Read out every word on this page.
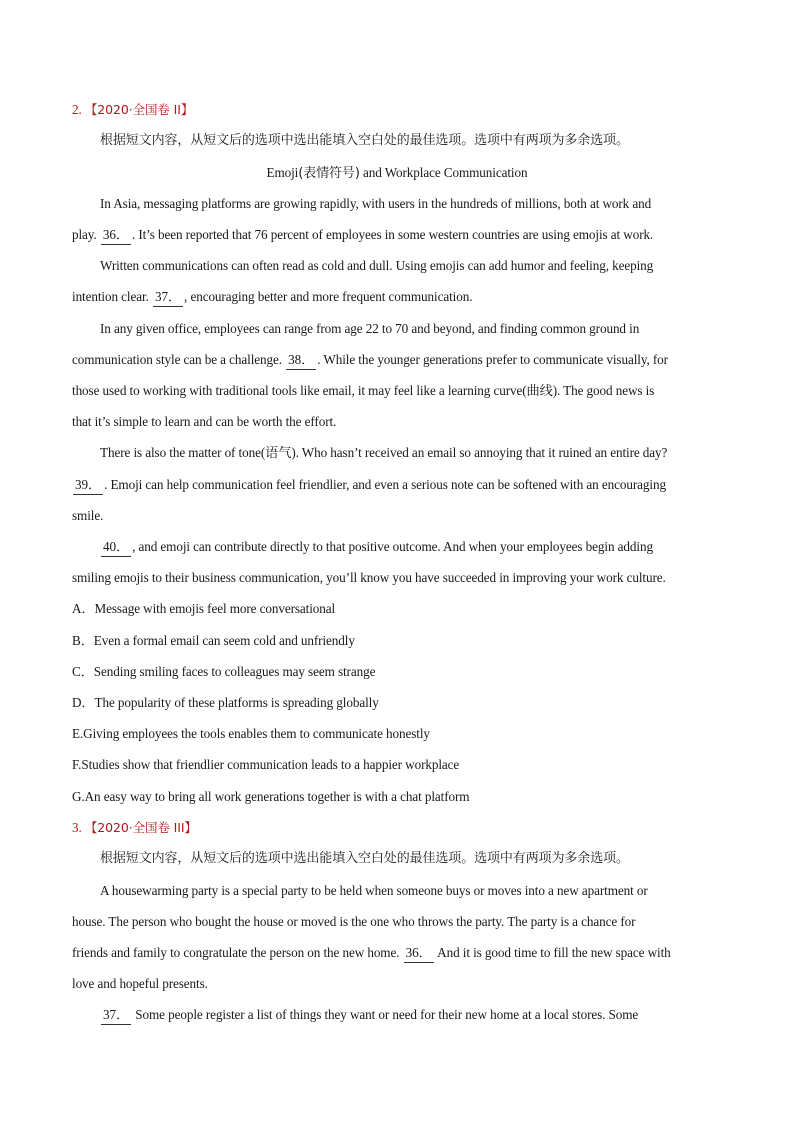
2. 【2020·全国卷 II】
根据短文内容，从短文后的选项中选出能填入空白处的最佳选项。选项中有两项为多余选项。
Emoji(表情符号) and Workplace Communication
In Asia, messaging platforms are growing rapidly, with users in the hundreds of millions, both at work and
play. 36． . It’s been reported that 76 percent of employees in some western countries are using emojis at work.
Written communications can often read as cold and dull. Using emojis can add humor and feeling, keeping
intention clear. 37． , encouraging better and more frequent communication.
In any given office, employees can range from age 22 to 70 and beyond, and finding common ground in
communication style can be a challenge. 38． . While the younger generations prefer to communicate visually, for
those used to working with traditional tools like email, it may feel like a learning curve(曲线). The good news is
that it’s simple to learn and can be worth the effort.
There is also the matter of tone(语气). Who hasn’t received an email so annoying that it ruined an entire day?
39． . Emoji can help communication feel friendlier, and even a serious note can be softened with an encouraging
smile.
40． , and emoji can contribute directly to that positive outcome. And when your employees begin adding
smiling emojis to their business communication, you’ll know you have succeeded in improving your work culture.
A．Message with emojis feel more conversational
B．Even a formal email can seem cold and unfriendly
C．Sending smiling faces to colleagues may seem strange
D．The popularity of these platforms is spreading globally
E.Giving employees the tools enables them to communicate honestly
F.Studies show that friendlier communication leads to a happier workplace
G.An easy way to bring all work generations together is with a chat platform
3. 【2020·全国卷 III】
根据短文内容，从短文后的选项中选出能填入空白处的最佳选项。选项中有两项为多余选项。
A housewarming party is a special party to be held when someone buys or moves into a new apartment or
house. The person who bought the house or moved is the one who throws the party. The party is a chance for
friends and family to congratulate the person on the new home. 36． And it is good time to fill the new space with
love and hopeful presents.
37． Some people register a list of things they want or need for their new home at a local stores. Some
